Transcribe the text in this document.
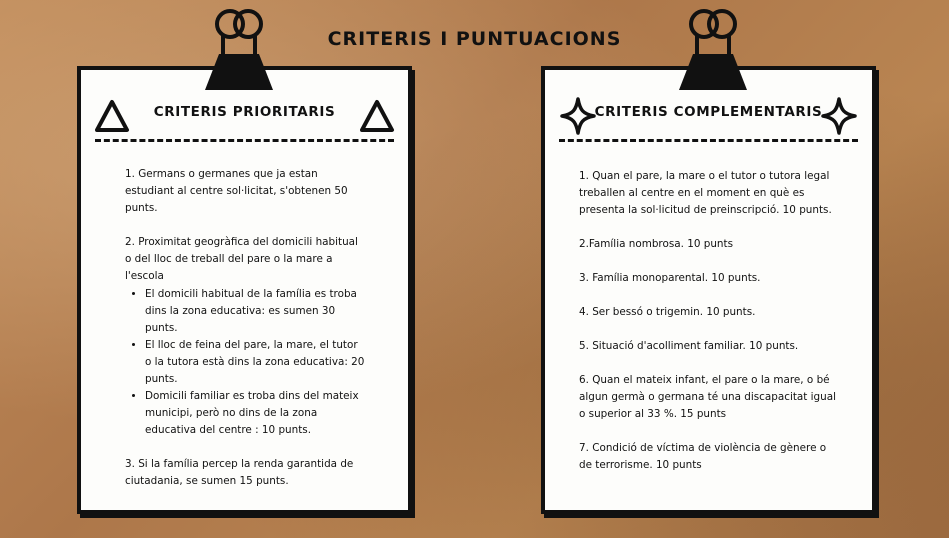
CRITERIS I PUNTUACIONS
CRITERIS PRIORITARIS

1. Germans o germanes que ja estan estudiant al centre sol·licitat, s'obtenen 50 punts.

2. Proximitat geogràfica del domicili habitual o del lloc de treball del pare o la mare a l'escola

• El domicili habitual de la família es troba dins la zona educativa: es sumen 30 punts.
• El lloc de feina del pare, la mare, el tutor o la tutora està dins la zona educativa: 20 punts.
• Domicili familiar es troba dins del mateix municipi, però no dins de la zona educativa del centre : 10 punts.

3. Si la família percep la renda garantida de ciutadania, se sumen 15 punts.

CRITERIS COMPLEMENTARIS

1. Quan el pare, la mare o el tutor o tutora legal treballen al centre en el moment en què es presenta la sol·licitud de preinscripció. 10 punts.

2.Família nombrosa. 10 punts

3. Família monoparental. 10 punts.

4. Ser bessó o trigemin. 10 punts.

5. Situació d'acolliment familiar. 10 punts.

6. Quan el mateix infant, el pare o la mare, o bé algun germà o germana té una discapacitat igual o superior al 33 %. 15 punts

7. Condició de víctima de violència de gènere o de terrorisme. 10 punts
